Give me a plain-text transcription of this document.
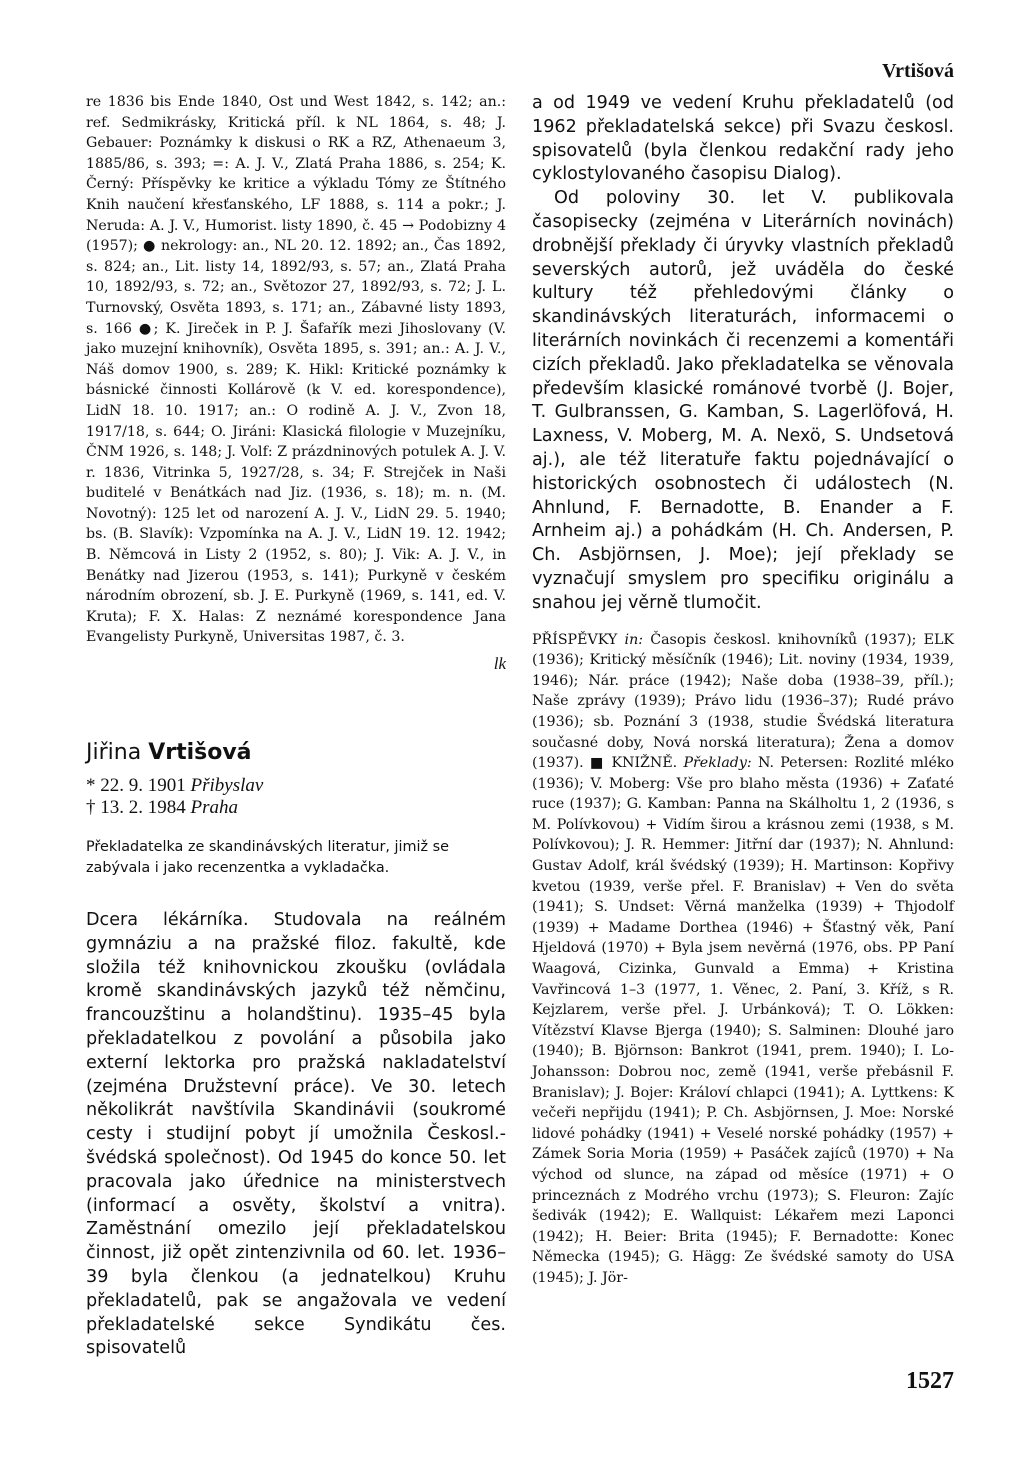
Vrtišová

re 1836 bis Ende 1840, Ost und West 1842, s. 142; an.: ref. Sedmikrásky, Kritická příl. k NL 1864, s. 48; J. Gebauer: Poznámky k diskusi o RK a RZ, Athenaeum 3, 1885/86, s. 393; =: A. J. V., Zlatá Praha 1886, s. 254; K. Černý: Příspěvky ke kritice a výkladu Tómy ze Štítného Knih naučení křesťanského, LF 1888, s. 114 a pokr.; J. Neruda: A. J. V., Humorist. listy 1890, č. 45 → Podobizny 4 (1957); ● nekrology: an., NL 20. 12. 1892; an., Čas 1892, s. 824; an., Lit. listy 14, 1892/93, s. 57; an., Zlatá Praha 10, 1892/93, s. 72; an., Světozor 27, 1892/93, s. 72; J. L. Turnovský, Osvěta 1893, s. 171; an., Zábavné listy 1893, s. 166 ●; K. Jireček in P. J. Šafařík mezi Jihoslovany (V. jako muzejní knihovník), Osvěta 1895, s. 391; an.: A. J. V., Náš domov 1900, s. 289; K. Hikl: Kritické poznámky k básnické činnosti Kollárově (k V. ed. korespondence), LidN 18. 10. 1917; an.: O rodině A. J. V., Zvon 18, 1917/18, s. 644; O. Jiráni: Klasická filologie v Muzejníku, ČNM 1926, s. 148; J. Volf: Z prázdninových potulek A. J. V. r. 1836, Vitrinka 5, 1927/28, s. 34; F. Strejček in Naši buditelé v Benátkách nad Jiz. (1936, s. 18); m. n. (M. Novotný): 125 let od narození A. J. V., LidN 29. 5. 1940; bs. (B. Slavík): Vzpomínka na A. J. V., LidN 19. 12. 1942; B. Němcová in Listy 2 (1952, s. 80); J. Vik: A. J. V., in Benátky nad Jizerou (1953, s. 141); Purkyně v českém národním obrození, sb. J. E. Purkyně (1969, s. 141, ed. V. Kruta); F. X. Halas: Z neznámé korespondence Jana Evangelisty Purkyně, Universitas 1987, č. 3.

lk

Jiřina Vrtišová

* 22. 9. 1901 Přibyslav

† 13. 2. 1984 Praha

Překladatelka ze skandinávských literatur, jimiž se zabývala i jako recenzentka a vykladačka.

Dcera lékárníka. Studovala na reálném gymnáziu a na pražské filoz. fakultě, kde složila též knihovnickou zkoušku (ovládala kromě skandinávských jazyků též němčinu, francouzštinu a holandštinu). 1935–45 byla překladatelkou z povolání a působila jako externí lektorka pro pražská nakladatelství (zejména Družstevní práce). Ve 30. letech několikrát navštívila Skandinávii (soukromé cesty i studijní pobyt jí umožnila Českosl.-švédská společnost). Od 1945 do konce 50. let pracovala jako úřednice na ministerstvech (informací a osvěty, školství a vnitra). Zaměstnání omezilo její překladatelskou činnost, již opět zintenzivnila od 60. let. 1936–39 byla členkou (a jednatelkou) Kruhu překladatelů, pak se angažovala ve vedení překladatelské sekce Syndikátu čes. spisovatelů

a od 1949 ve vedení Kruhu překladatelů (od 1962 překladatelská sekce) při Svazu českosl. spisovatelů (byla členkou redakční rady jeho cyklostylovaného časopisu Dialog).

Od poloviny 30. let V. publikovala časopisecky (zejména v Literárních novinách) drobnější překlady či úryvky vlastních překladů severských autorů, jež uváděla do české kultury též přehledovými články o skandinávských literaturách, informacemi o literárních novinkách či recenzemi a komentáři cizích překladů. Jako překladatelka se věnovala především klasické románové tvorbě (J. Bojer, T. Gulbranssen, G. Kamban, S. Lagerlöfová, H. Laxness, V. Moberg, M. A. Nexö, S. Undsetová aj.), ale též literatuře faktu pojednávající o historických osobnostech či událostech (N. Ahnlund, F. Bernadotte, B. Enander a F. Arnheim aj.) a pohádkám (H. Ch. Andersen, P. Ch. Asbjörnsen, J. Moe); její překlady se vyznačují smyslem pro specifiku originálu a snahou jej věrně tlumočit.

PŘÍSPĚVKY in: Časopis českosl. knihovníků (1937); ELK (1936); Kritický měsíčník (1946); Lit. noviny (1934, 1939, 1946); Nár. práce (1942); Naše doba (1938–39, příl.); Naše zprávy (1939); Právo lidu (1936–37); Rudé právo (1936); sb. Poznání 3 (1938, studie Švédská literatura současné doby, Nová norská literatura); Žena a domov (1937). ■ KNIŽNĚ. Překlady: N. Petersen: Rozlité mléko (1936); V. Moberg: Vše pro blaho města (1936) + Zaťaté ruce (1937); G. Kamban: Panna na Skálholtu 1, 2 (1936, s M. Polívkovou) + Vidím širou a krásnou zemi (1938, s M. Polívkovou); J. R. Hemmer: Jitřní dar (1937); N. Ahnlund: Gustav Adolf, král švédský (1939); H. Martinson: Kopřivy kvetou (1939, verše přel. F. Branislav) + Ven do světa (1941); S. Undset: Věrná manželka (1939) + Thjodolf (1939) + Madame Dorthea (1946) + Šťastný věk, Paní Hjeldová (1970) + Byla jsem nevěrná (1976, obs. PP Paní Waagová, Cizinka, Gunvald a Emma) + Kristina Vavřincová 1–3 (1977, 1. Věnec, 2. Paní, 3. Kříž, s R. Kejzlarem, verše přel. J. Urbánková); T. O. Lökken: Vítězství Klavse Bjerga (1940); S. Salminen: Dlouhé jaro (1940); B. Björnson: Bankrot (1941, prem. 1940); I. Lo-Johansson: Dobrou noc, země (1941, verše přebásnil F. Branislav); J. Bojer: Královí chlapci (1941); A. Lyttkens: K večeři nepřijdu (1941); P. Ch. Asbjörnsen, J. Moe: Norské lidové pohádky (1941) + Veselé norské pohádky (1957) + Zámek Soria Moria (1959) + Pasáček zajíců (1970) + Na východ od slunce, na západ od měsíce (1971) + O princeznách z Modrého vrchu (1973); S. Fleuron: Zajíc šedivák (1942); E. Wallquist: Lékařem mezi Laponci (1942); H. Beier: Brita (1945); F. Bernadotte: Konec Německa (1945); G. Hägg: Ze švédské samoty do USA (1945); J. Jör-

1527
